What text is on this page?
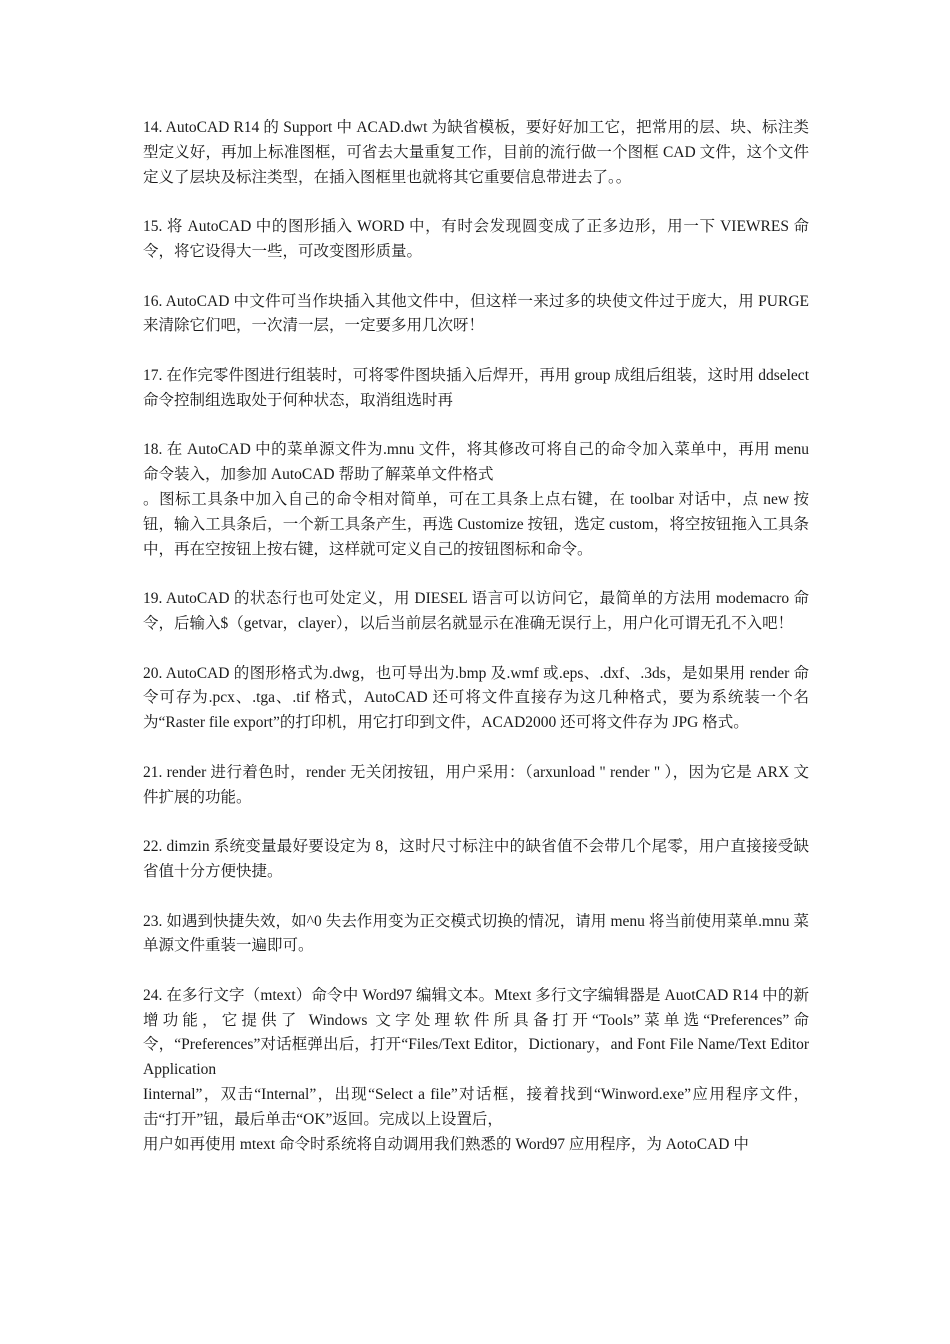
14. AutoCAD R14 的 Support 中 ACAD.dwt 为缺省模板，要好好加工它，把常用的层、块、标注类型定义好，再加上标准图框，可省去大量重复工作，目前的流行做一个图框 CAD 文件，这个文件定义了层块及标注类型，在插入图框里也就将其它重要信息带进去了。。
15. 将 AutoCAD 中的图形插入 WORD 中，有时会发现圆变成了正多边形，用一下 VIEWRES 命令，将它设得大一些，可改变图形质量。
16. AutoCAD 中文件可当作块插入其他文件中，但这样一来过多的块使文件过于庞大，用 PURGE 来清除它们吧，一次清一层，一定要多用几次呀！
17. 在作完零件图进行组装时，可将零件图块插入后焊开，再用 group 成组后组装，这时用 ddselect 命令控制组选取处于何种状态，取消组选时再
18. 在 AutoCAD 中的菜单源文件为.mnu 文件，将其修改可将自己的命令加入菜单中，再用 menu 命令装入，加参加 AutoCAD 帮助了解菜单文件格式
。图标工具条中加入自己的命令相对简单，可在工具条上点右键，在 toolbar 对话中，点 new 按钮，输入工具条后，一个新工具条产生，再选 Customize 按钮，选定 custom，将空按钮拖入工具条中，再在空按钮上按右键，这样就可定义自己的按钮图标和命令。
19. AutoCAD 的状态行也可处定义，用 DIESEL 语言可以访问它，最简单的方法用 modemacro 命令，后输入$（getvar，clayer），以后当前层名就显示在准确无误行上，用户化可谓无孔不入吧！
20. AutoCAD 的图形格式为.dwg，也可导出为.bmp 及.wmf 或.eps、.dxf、.3ds，是如果用 render 命令可存为.pcx、.tga、.tif 格式，AutoCAD 还可将文件直接存为这几种格式，要为系统装一个名为“Raster file export”的打印机，用它打印到文件，ACAD2000 还可将文件存为 JPG 格式。
21. render 进行着色时，render 无关闭按钮，用户采用：（arxunload " render " ），因为它是 ARX 文件扩展的功能。
22. dimzin 系统变量最好要设定为 8，这时尺寸标注中的缺省值不会带几个尾零，用户直接接受缺省值十分方便快捷。
23. 如遇到快捷失效，如^0 失去作用变为正交模式切换的情况，请用 menu 将当前使用菜单.mnu 菜单源文件重装一遍即可。
24. 在多行文字（mtext）命令中 Word97 编辑文本。Mtext 多行文字编辑器是 AuotCAD R14 中的新增功能，它提供了 Windows 文字处理软件所具备打开“Tools”菜单选“Preferences”命令，“Preferences”对话框弹出后，打开“Files/Text Editor，Dictionary，and Font File Name/Text Editor Application
Iinternal”，双击“Internal”，出现“Select a file”对话框，接着找到“Winword.exe”应用程序文件，击“打开”钮，最后单击“OK”返回。完成以上设置后，
用户如再使用 mtext 命令时系统将自动调用我们熟悉的 Word97 应用程序，为 AotoCAD 中
